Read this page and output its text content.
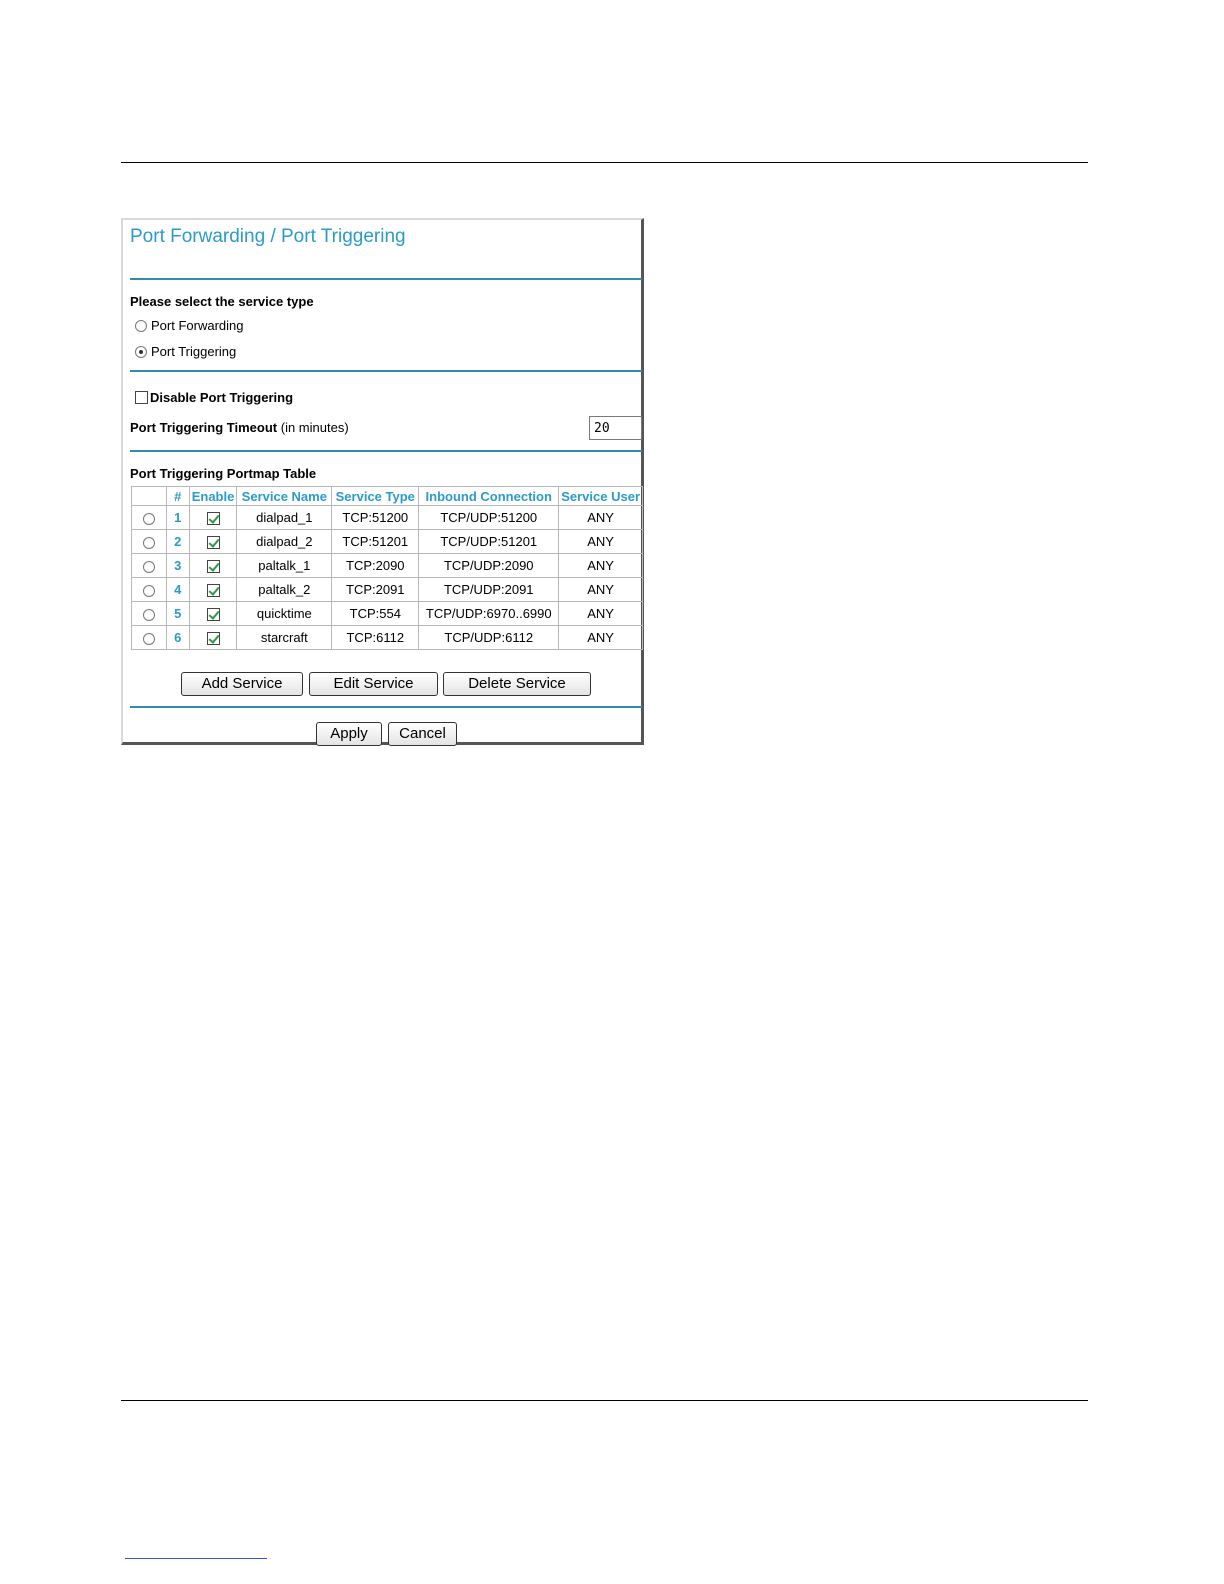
Port Forwarding / Port Triggering
Please select the service type
Port Forwarding
Port Triggering
Disable Port Triggering
Port Triggering Timeout (in minutes)	20
Port Triggering Portmap Table
	#	Enable	Service Name	Service Type	Inbound Connection	Service User
	1		dialpad_1	TCP:51200	TCP/UDP:51200	ANY
	2		dialpad_2	TCP:51201	TCP/UDP:51201	ANY
	3		paltalk_1	TCP:2090	TCP/UDP:2090	ANY
	4		paltalk_2	TCP:2091	TCP/UDP:2091	ANY
	5		quicktime	TCP:554	TCP/UDP:6970..6990	ANY
	6		starcraft	TCP:6112	TCP/UDP:6112	ANY
Add Service	Edit Service	Delete Service
Apply	Cancel
